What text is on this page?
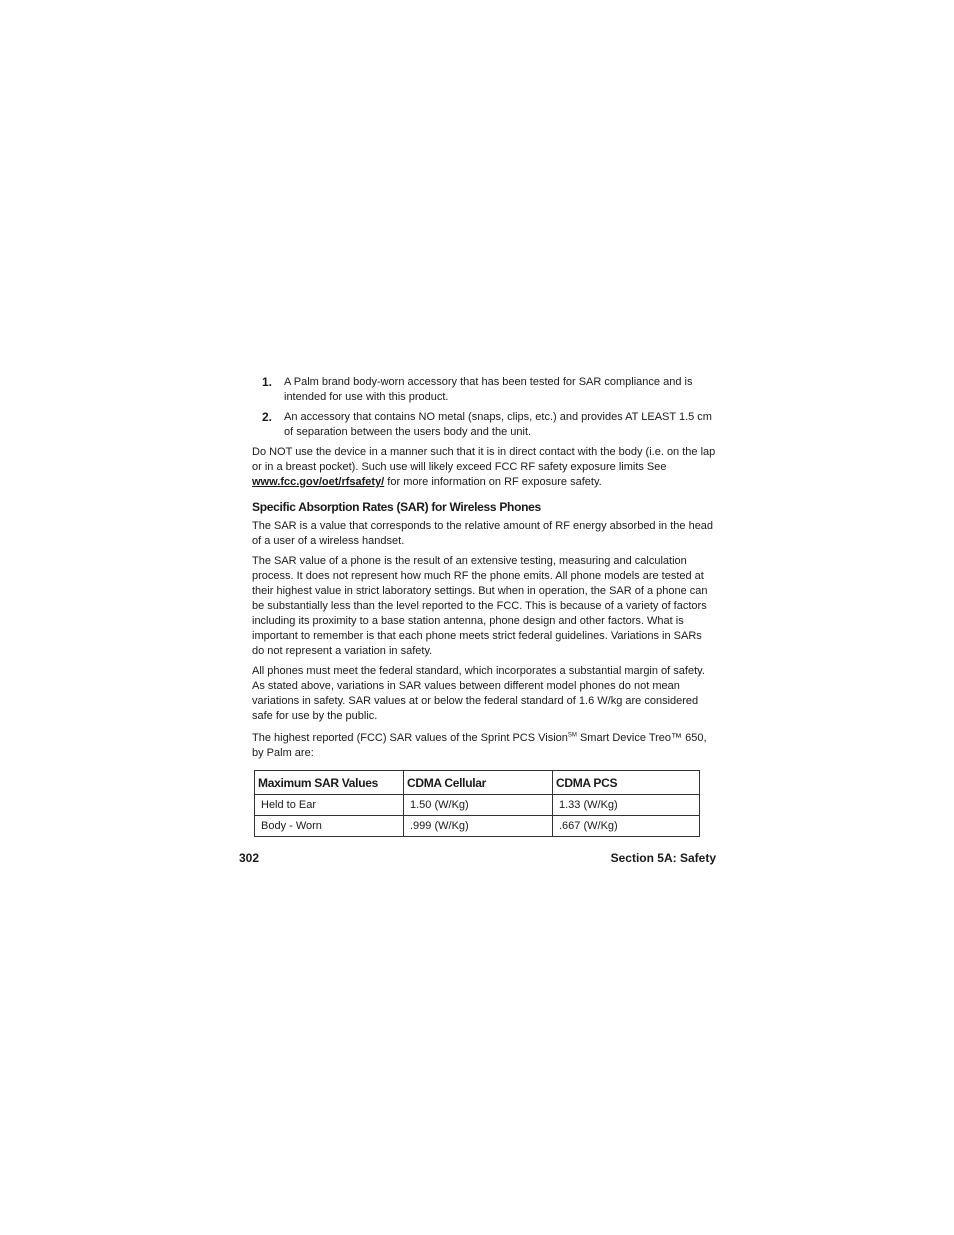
1. A Palm brand body-worn accessory that has been tested for SAR compliance and is intended for use with this product.
2. An accessory that contains NO metal (snaps, clips, etc.) and provides AT LEAST 1.5 cm of separation between the users body and the unit.

Do NOT use the device in a manner such that it is in direct contact with the body (i.e. on the lap or in a breast pocket). Such use will likely exceed FCC RF safety exposure limits See www.fcc.gov/oet/rfsafety/ for more information on RF exposure safety.

Specific Absorption Rates (SAR) for Wireless Phones

The SAR is a value that corresponds to the relative amount of RF energy absorbed in the head of a user of a wireless handset.

The SAR value of a phone is the result of an extensive testing, measuring and calculation process. It does not represent how much RF the phone emits. All phone models are tested at their highest value in strict laboratory settings. But when in operation, the SAR of a phone can be substantially less than the level reported to the FCC. This is because of a variety of factors including its proximity to a base station antenna, phone design and other factors. What is important to remember is that each phone meets strict federal guidelines. Variations in SARs do not represent a variation in safety.

All phones must meet the federal standard, which incorporates a substantial margin of safety. As stated above, variations in SAR values between different model phones do not mean variations in safety. SAR values at or below the federal standard of 1.6 W/kg are considered safe for use by the public.

The highest reported (FCC) SAR values of the Sprint PCS Vision℠ Smart Device Treo™ 650, by Palm are:

Maximum SAR Values	CDMA Cellular	CDMA PCS
Held to Ear	1.50 (W/Kg)	1.33 (W/Kg)
Body - Worn	.999 (W/Kg)	.667 (W/Kg)
302	Section 5A: Safety
